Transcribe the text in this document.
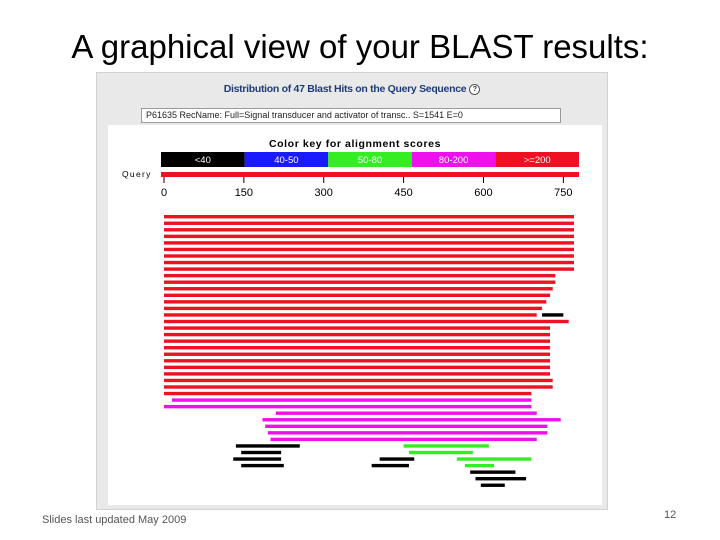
A graphical view of your BLAST results:
Distribution of 47 Blast Hits on the Query Sequence ?
P61635 RecName: Full=Signal transducer and activator of transc.. S=1541 E=0
Color key for alignment scores
<40	40-50	50-80	80-200	>=200
Query
0	150	300	450	600	750
Slides last updated May 2009	12
